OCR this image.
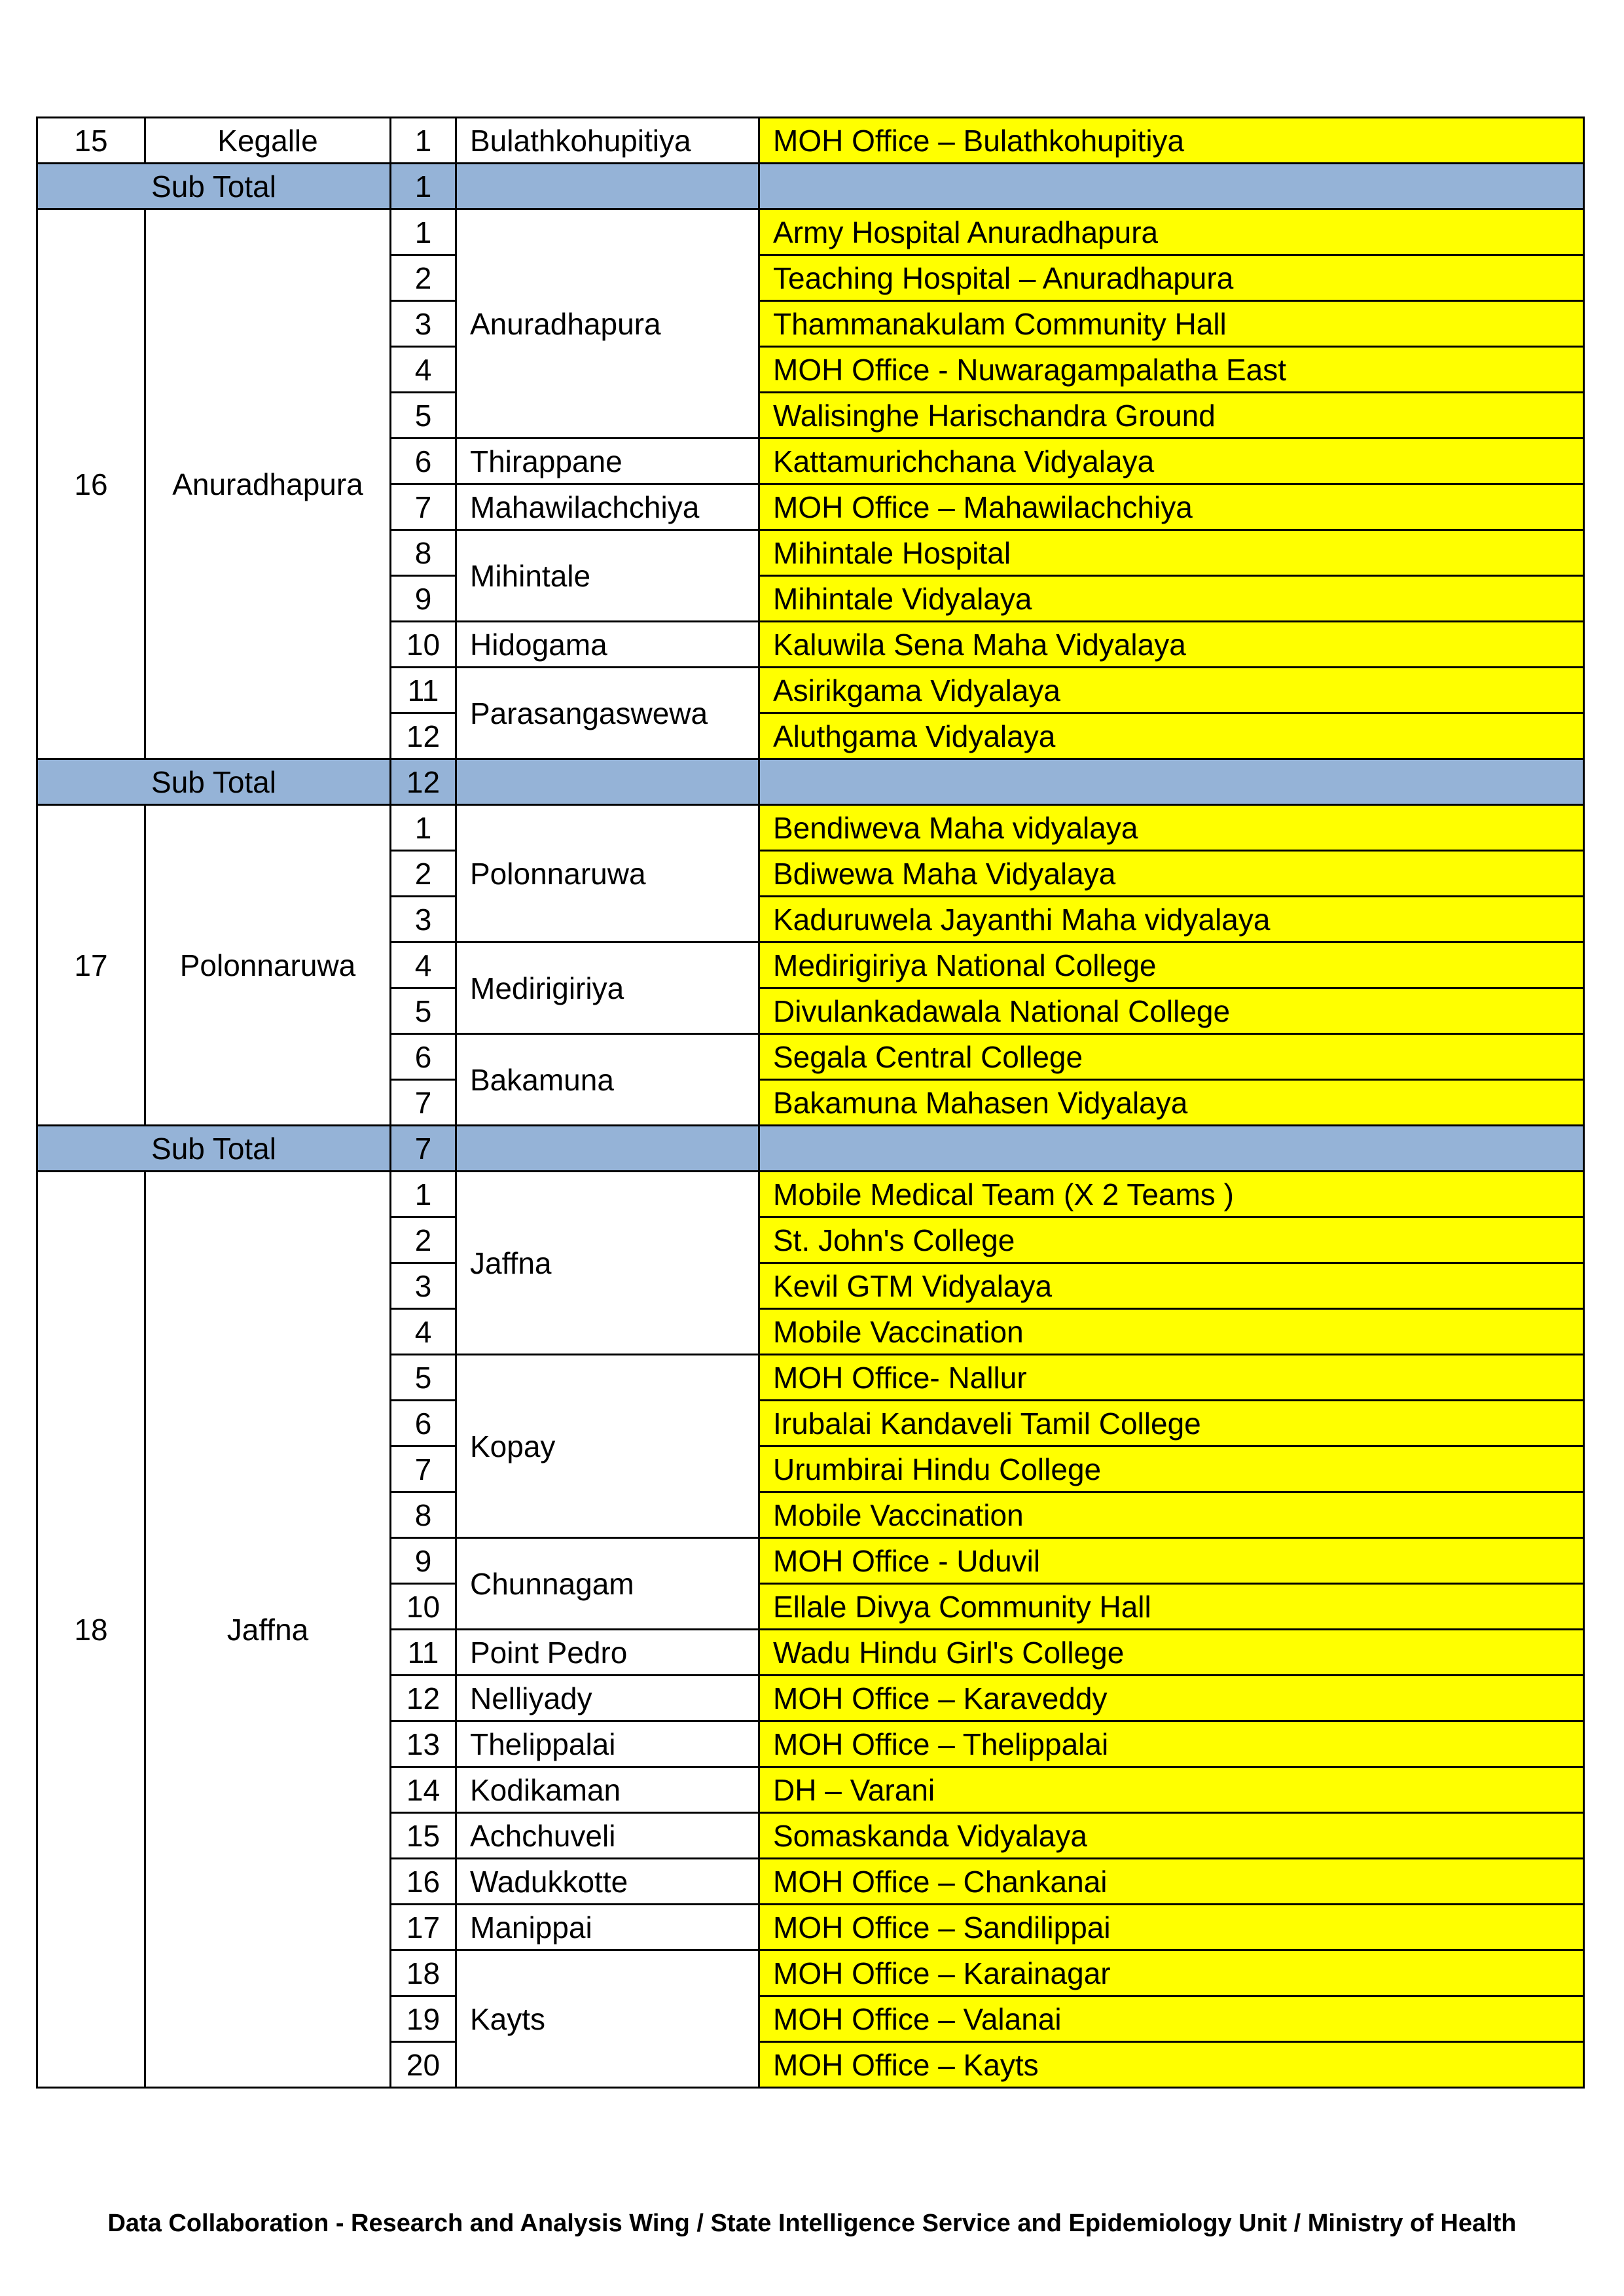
15	Kegalle	1	Bulathkohupitiya	MOH Office – Bulathkohupitiya
Sub Total		1		
16	Anuradhapura	1	Anuradhapura	Army Hospital Anuradhapura
		2		Teaching Hospital – Anuradhapura
		3		Thammanakulam Community Hall
		4		MOH Office - Nuwaragampalatha East
		5		Walisinghe Harischandra Ground
		6	Thirappane	Kattamurichchana Vidyalaya
		7	Mahawilachchiya	MOH Office – Mahawilachchiya
		8	Mihintale	Mihintale Hospital
		9		Mihintale Vidyalaya
		10	Hidogama	Kaluwila Sena Maha Vidyalaya
		11	Parasangaswewa	Asirikgama Vidyalaya
		12		Aluthgama Vidyalaya
Sub Total		12		
17	Polonnaruwa	1	Polonnaruwa	Bendiweva Maha vidyalaya
		2		Bdiwewa Maha Vidyalaya
		3		Kaduruwela Jayanthi Maha vidyalaya
		4	Medirigiriya	Medirigiriya National College
		5		Divulankadawala National College
		6	Bakamuna	Segala Central College
		7		Bakamuna Mahasen Vidyalaya
Sub Total		7		
18	Jaffna	1	Jaffna	Mobile Medical Team (X 2 Teams )
		2		St. John's College
		3		Kevil GTM Vidyalaya
		4		Mobile Vaccination
		5	Kopay	MOH Office- Nallur
		6		Irubalai Kandaveli Tamil College
		7		Urumbirai Hindu College
		8		Mobile Vaccination
		9	Chunnagam	MOH Office - Uduvil
		10		Ellale Divya Community Hall
		11	Point Pedro	Wadu Hindu Girl's College
		12	Nelliyady	MOH Office – Karaveddy
		13	Thelippalai	MOH Office – Thelippalai
		14	Kodikaman	DH – Varani
		15	Achchuveli	Somaskanda Vidyalaya
		16	Wadukkotte	MOH Office – Chankanai
		17	Manippai	MOH Office – Sandilippai
		18	Kayts	MOH Office – Karainagar
		19		MOH Office – Valanai
		20		MOH Office – Kayts
Data Collaboration - Research and Analysis Wing / State Intelligence Service and Epidemiology Unit / Ministry of Health
